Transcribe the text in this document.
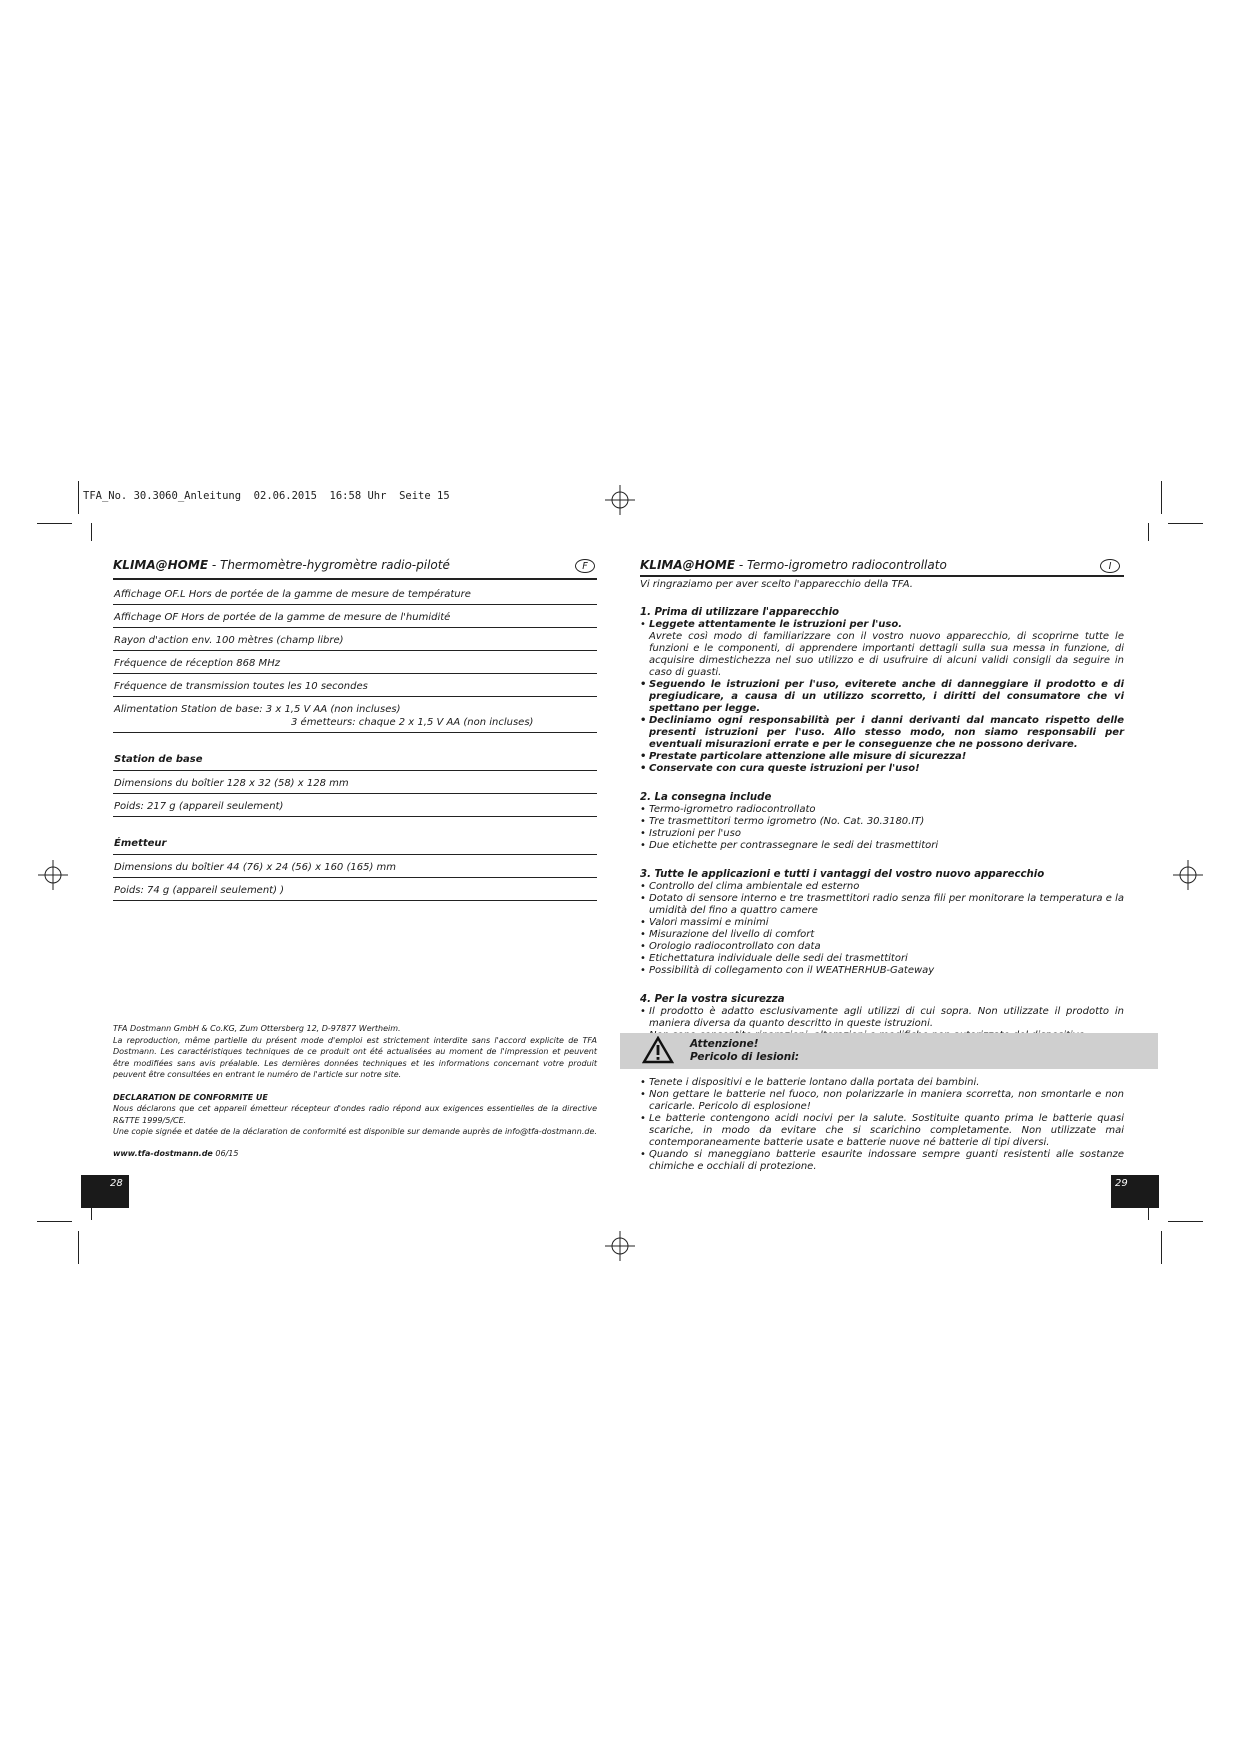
TFA_No. 30.3060_Anleitung  02.06.2015  16:58 Uhr  Seite 15
KLIMA@HOME - Thermomètre-hygromètre radio-piloté	F
Affichage OF.L Hors de portée de la gamme de mesure de température
Affichage OF Hors de portée de la gamme de mesure de l'humidité
Rayon d'action env. 100 mètres (champ libre)
Fréquence de réception 868 MHz
Fréquence de transmission toutes les 10 secondes
Alimentation Station de base: 3 x 1,5 V AA (non incluses)
3 émetteurs: chaque 2 x 1,5 V AA (non incluses)
Station de base
Dimensions du boîtier 128 x 32 (58) x 128 mm
Poids: 217 g (appareil seulement)
Émetteur
Dimensions du boîtier 44 (76) x 24 (56) x 160 (165) mm
Poids: 74 g (appareil seulement) )
TFA Dostmann GmbH & Co.KG, Zum Ottersberg 12, D-97877 Wertheim.
La reproduction, même partielle du présent mode d'emploi est strictement interdite sans l'accord explicite de TFA Dostmann. Les caractéristiques techniques de ce produit ont été actualisées au moment de l'impression et peuvent être modifiées sans avis préalable. Les dernières données techniques et les informations concernant votre produit peuvent être consultées en entrant le numéro de l'article sur notre site.
DECLARATION DE CONFORMITE UE
Nous déclarons que cet appareil émetteur récepteur d'ondes radio répond aux exigences essentielles de la directive R&TTE 1999/5/CE.
Une copie signée et datée de la déclaration de conformité est disponible sur demande auprès de info@tfa-dostmann.de.
www.tfa-dostmann.de 06/15
28
KLIMA@HOME - Termo-igrometro radiocontrollato	I

Vi ringraziamo per aver scelto l'apparecchio della TFA.

1. Prima di utilizzare l'apparecchio
• Leggete attentamente le istruzioni per l'uso.
Avrete così modo di familiarizzare con il vostro nuovo apparecchio, di scoprirne tutte le funzioni e le componenti, di apprendere importanti dettagli sulla sua messa in funzione, di acquisire dimestichezza nel suo utilizzo e di usufruire di alcuni validi consigli da seguire in caso di guasti.
• Seguendo le istruzioni per l'uso, eviterete anche di danneggiare il prodotto e di pregiudicare, a causa di un utilizzo scorretto, i diritti del consumatore che vi spettano per legge.
• Decliniamo ogni responsabilità per i danni derivanti dal mancato rispetto delle presenti istruzioni per l'uso. Allo stesso modo, non siamo responsabili per eventuali misurazioni errate e per le conseguenze che ne possono derivare.
• Prestate particolare attenzione alle misure di sicurezza!
• Conservate con cura queste istruzioni per l'uso!
2. La consegna include
• Termo-igrometro radiocontrollato
• Tre trasmettitori termo igrometro (No. Cat. 30.3180.IT)
• Istruzioni per l'uso
• Due etichette per contrassegnare le sedi dei trasmettitori
3. Tutte le applicazioni e tutti i vantaggi del vostro nuovo apparecchio
• Controllo del clima ambientale ed esterno
• Dotato di sensore interno e tre trasmettitori radio senza fili per monitorare la temperatura e la umidità del fino a quattro camere
• Valori massimi e minimi
• Misurazione del livello di comfort
• Orologio radiocontrollato con data
• Etichettatura individuale delle sedi dei trasmettitori
• Possibilità di collegamento con il WEATHERHUB-Gateway
4. Per la vostra sicurezza
• Il prodotto è adatto esclusivamente agli utilizzi di cui sopra. Non utilizzate il prodotto in maniera diversa da quanto descritto in queste istruzioni.
•
Attenzione!
Pericolo di lesioni:
• Tenete i dispositivi e le batterie lontano dalla portata dei bambini.
• Non gettare le batterie nel fuoco, non polarizzarle in maniera scorretta, non smontarle e non caricarle. Pericolo di esplosione!
• Le batterie contengono acidi nocivi per la salute. Sostituite quanto prima le batterie quasi scariche, in modo da evitare che si scarichino completamente. Non utilizzate mai contemporaneamente batterie usate e batterie nuove né batterie di tipi diversi.
• Quando si maneggiano batterie esaurite indossare sempre guanti resistenti alle sostanze chimiche e occhiali di protezione.
29
